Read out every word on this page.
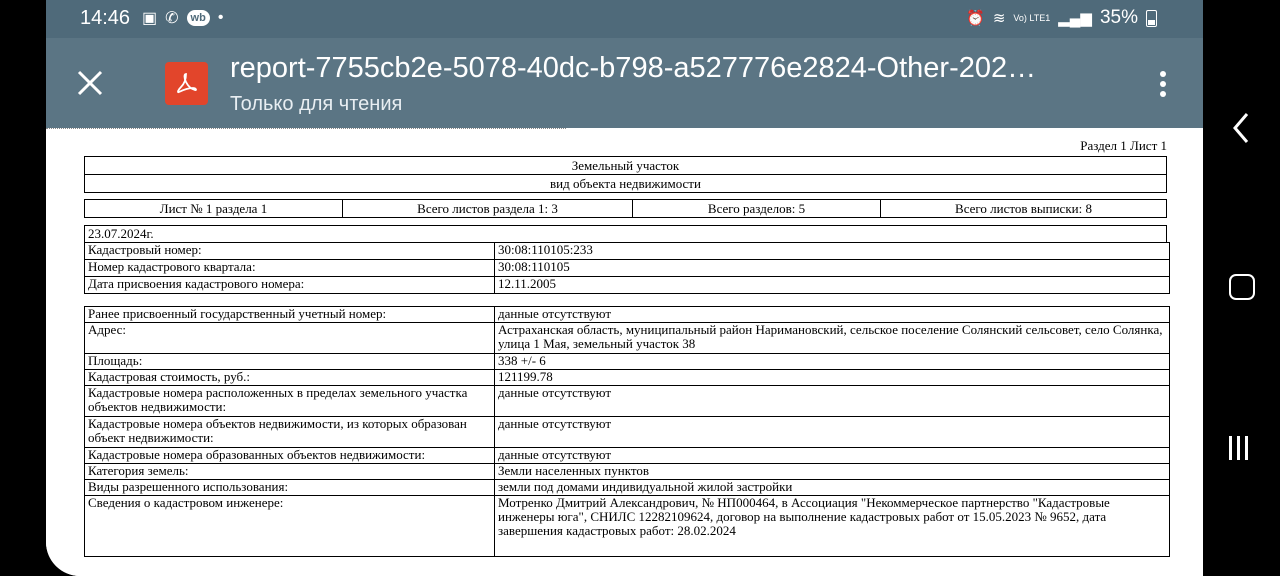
14:46 ▣ ✆	wb •	⏰ ≋ Vo) LTE1 ▂▄▆ 35%
report-7755cb2e-5078-40dc-b798-a527776e2824-Other-202…
Только для чтения
Раздел 1 Лист 1
Земельный участок
вид объекта недвижимости
Лист № 1 раздела 1	Всего листов раздела 1: 3	Всего разделов: 5	Всего листов выписки: 8
23.07.2024г.
Кадастровый номер:	30:08:110105:233
Номер кадастрового квартала:	30:08:110105
Дата присвоения кадастрового номера:	12.11.2005
Ранее присвоенный государственный учетный номер:	данные отсутствуют
Адрес:	Астраханская область, муниципальный район Наримановский, сельское поселение Солянский сельсовет, село Солянка, улица 1 Мая, земельный участок 38
Площадь:	338 +/- 6
Кадастровая стоимость, руб.:	121199.78
Кадастровые номера расположенных в пределах земельного участка объектов недвижимости:	данные отсутствуют
Кадастровые номера объектов недвижимости, из которых образован объект недвижимости:	данные отсутствуют
Кадастровые номера образованных объектов недвижимости:	данные отсутствуют
Категория земель:	Земли населенных пунктов
Виды разрешенного использования:	земли под домами индивидуальной жилой застройки
Сведения о кадастровом инженере:	Мотренко Дмитрий Александрович, № НП000464, в Ассоциация "Некоммерческое партнерство "Кадастровые инженеры юга", СНИЛС 12282109624, договор на выполнение кадастровых работ от 15.05.2023 № 9652, дата завершения кадастровых работ: 28.02.2024
